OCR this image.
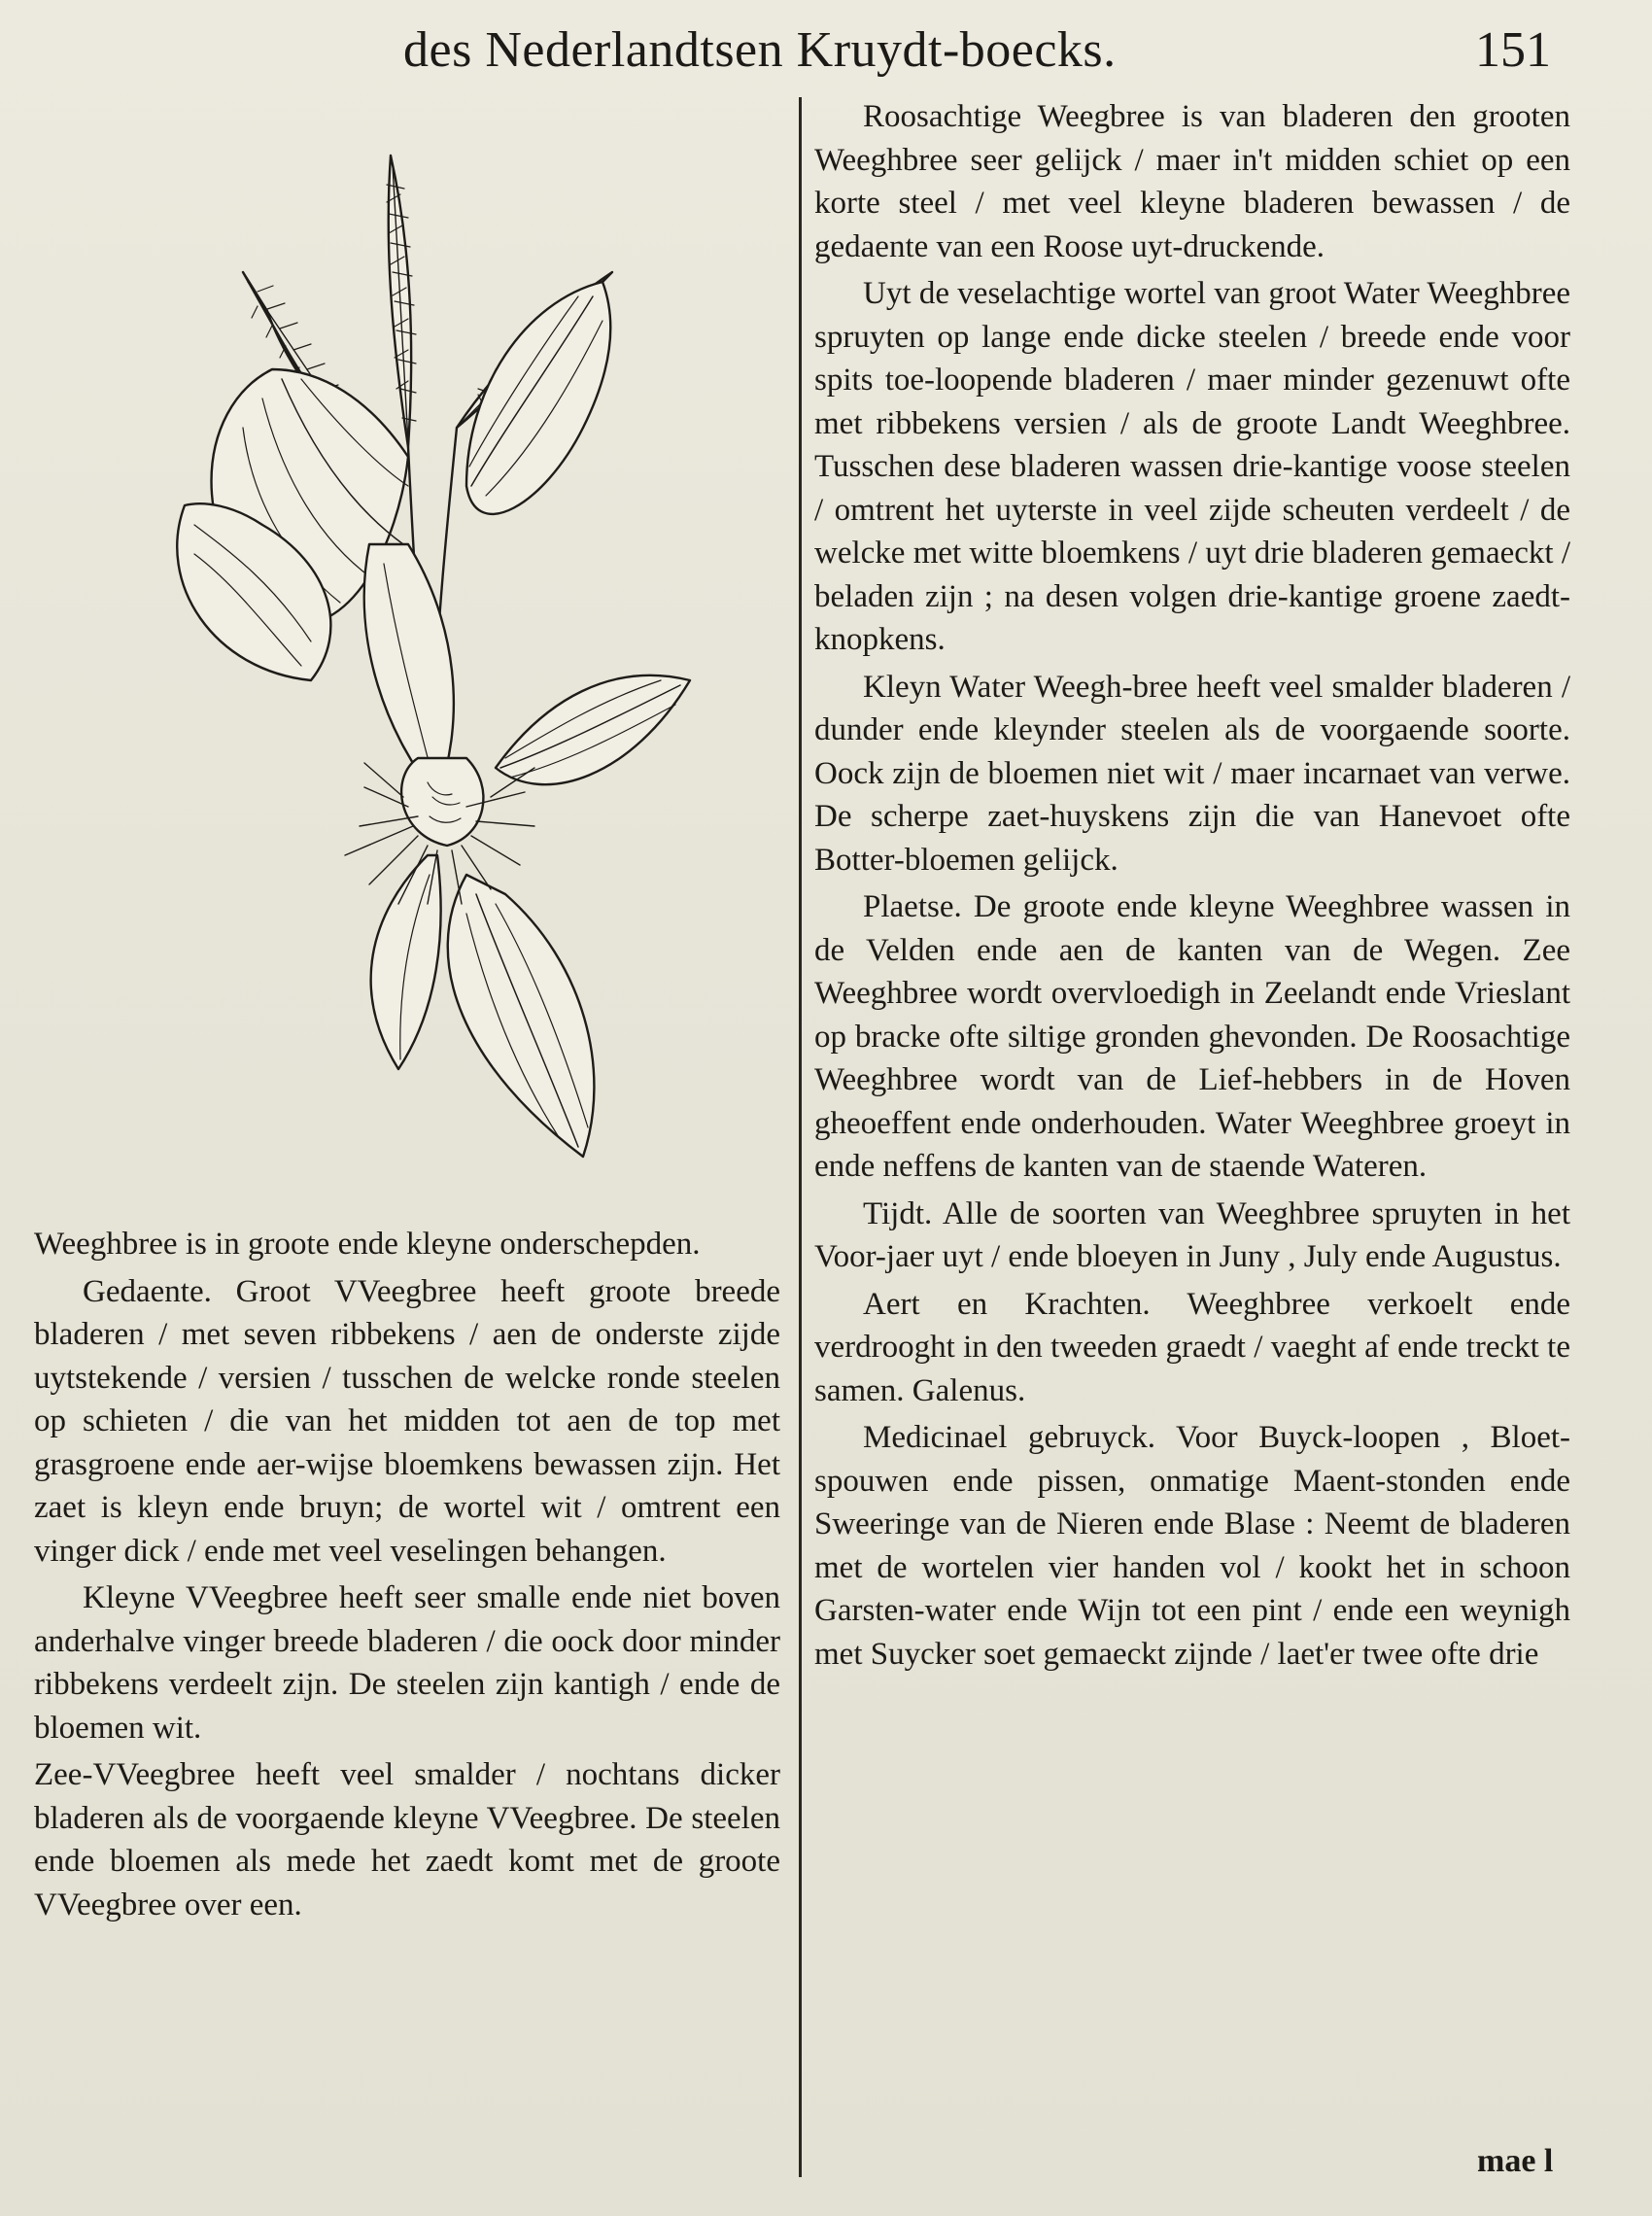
des Nederlandtsen Kruydt-boecks.	151

Weeghbree is in groote ende kleyne onderschepden.

Gedaente. Groot VVeegbree heeft groote breede bladeren / met seven ribbekens / aen de onderste zijde uytstekende / versien / tusschen de welcke ronde steelen op schieten / die van het midden tot aen de top met grasgroene ende aer-wijse bloemkens bewassen zijn. Het zaet is kleyn ende bruyn; de wortel wit / omtrent een vinger dick / ende met veel veselingen behangen.

Kleyne VVeegbree heeft seer smalle ende niet boven anderhalve vinger breede bladeren / die oock door minder ribbekens verdeelt zijn. De steelen zijn kantigh / ende de bloemen wit.

Zee-VVeegbree heeft veel smalder / nochtans dicker bladeren als de voorgaende kleyne VVeegbree. De steelen ende bloemen als mede het zaedt komt met de groote VVeegbree over een.

Roosachtige Weegbree is van bladeren den grooten Weeghbree seer gelijck / maer in't midden schiet op een korte steel / met veel kleyne bladeren bewassen / de gedaente van een Roose uyt-druckende.

Uyt de veselachtige wortel van groot Water Weeghbree spruyten op lange ende dicke steelen / breede ende voor spits toe-loopende bladeren / maer minder gezenuwt ofte met ribbekens versien / als de groote Landt Weeghbree. Tusschen dese bladeren wassen drie-kantige voose steelen / omtrent het uyterste in veel zijde scheuten verdeelt / de welcke met witte bloemkens / uyt drie bladeren gemaeckt / beladen zijn ; na desen volgen drie-kantige groene zaedt-knopkens.

Kleyn Water Weegh-bree heeft veel smalder bladeren / dunder ende kleynder steelen als de voorgaende soorte. Oock zijn de bloemen niet wit / maer incarnaet van verwe. De scherpe zaet-huyskens zijn die van Hanevoet ofte Botter-bloemen gelijck.

Plaetse. De groote ende kleyne Weeghbree wassen in de Velden ende aen de kanten van de Wegen. Zee Weeghbree wordt overvloedigh in Zeelandt ende Vrieslant op bracke ofte siltige gronden ghevonden. De Roosachtige Weeghbree wordt van de Lief-hebbers in de Hoven gheoeffent ende onderhouden. Water Weeghbree groeyt in ende neffens de kanten van de staende Wateren.

Tijdt. Alle de soorten van Weeghbree spruyten in het Voor-jaer uyt / ende bloeyen in Juny , July ende Augustus.

Aert en Krachten. Weeghbree verkoelt ende verdrooght in den tweeden graedt / vaeght af ende treckt te samen. Galenus.

Medicinael gebruyck. Voor Buyck-loopen , Bloet-spouwen ende pissen, onmatige Maent-stonden ende Sweeringe van de Nieren ende Blase : Neemt de bladeren met de wortelen vier handen vol / kookt het in schoon Garsten-water ende Wijn tot een pint / ende een weynigh met Suycker soet gemaeckt zijnde / laet'er twee ofte drie

mae l
